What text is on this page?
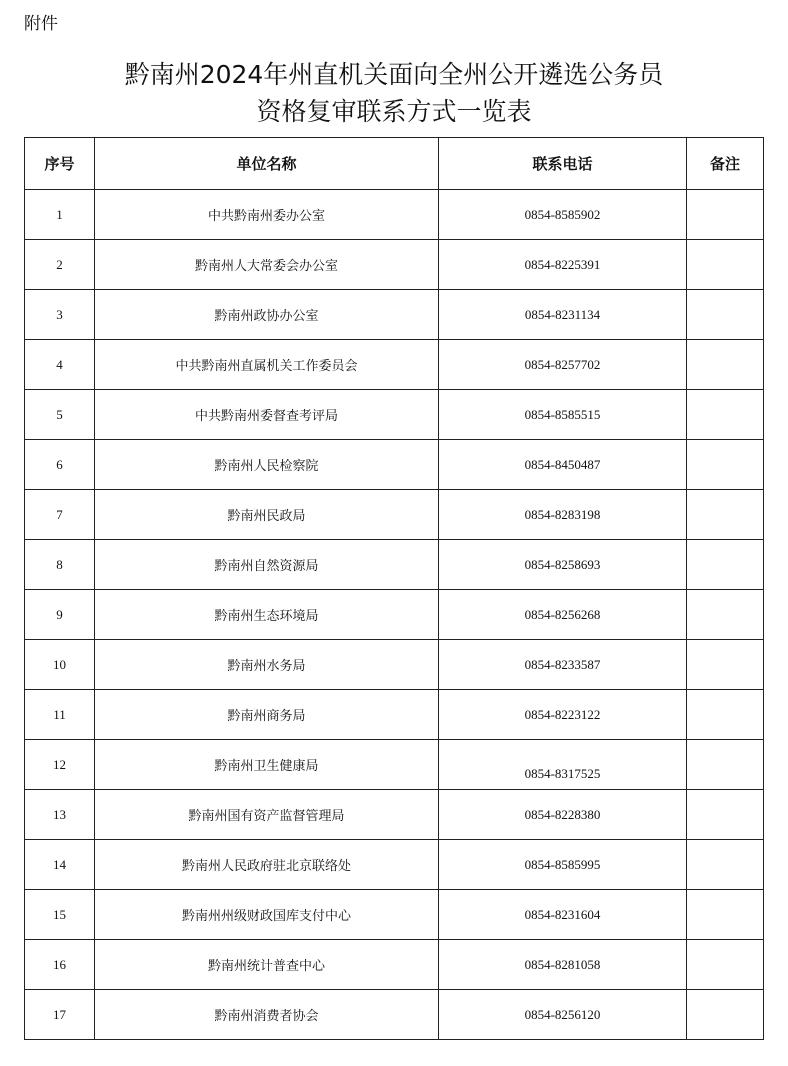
附件
黔南州2024年州直机关面向全州公开遴选公务员
资格复审联系方式一览表
序号	单位名称	联系电话	备注
1	中共黔南州委办公室	0854-8585902	
2	黔南州人大常委会办公室	0854-8225391	
3	黔南州政协办公室	0854-8231134	
4	中共黔南州直属机关工作委员会	0854-8257702	
5	中共黔南州委督查考评局	0854-8585515	
6	黔南州人民检察院	0854-8450487	
7	黔南州民政局	0854-8283198	
8	黔南州自然资源局	0854-8258693	
9	黔南州生态环境局	0854-8256268	
10	黔南州水务局	0854-8233587	
11	黔南州商务局	0854-8223122	
12	黔南州卫生健康局	0854-8317525	
13	黔南州国有资产监督管理局	0854-8228380	
14	黔南州人民政府驻北京联络处	0854-8585995	
15	黔南州州级财政国库支付中心	0854-8231604	
16	黔南州统计普查中心	0854-8281058	
17	黔南州消费者协会	0854-8256120	
